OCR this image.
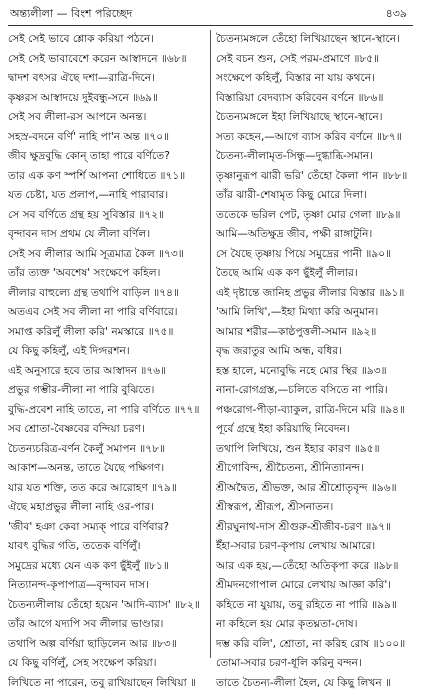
অন্ত্যলীলা — বিংশ পরিচ্ছেদ	৪৩৯
সেই সেই ভাবে শ্লোক করিয়া পঠনে।
সেই সেই ভাবাবেশে করেন আস্বাদনে ॥৬৮॥
দ্বাদশ বৎসর ঐছে দশা—রাত্রি-দিনে।
কৃষ্ণরস আস্বাদয়ে দুইবন্ধু-সনে ॥৬৯॥
সেই সব লীলা-রস আপনে অনন্ত।
সহস্র-বদনে বর্ণি' নাহি পা'ন অন্ত ॥৭০॥
জীব ক্ষুদ্রবুদ্ধি কোন্ তাহা পারে বর্ণিতে?
তার এক কণ স্পর্শি আপনা শোধিতে ॥৭১॥
যত চেষ্টা, যত প্রলাপ,—নাহি পারাবার।
সে সব বর্ণিতে গ্রন্থ হয় সুবিস্তার ॥৭২॥
বৃন্দাবন দাস প্রথম যে লীলা বর্ণিল।
সেই সব লীলার আমি সূত্রমাত্র কৈল ॥৭৩॥
তাঁর ত্যক্ত 'অবশেষ' সংক্ষেপে কহিল।
লীলার বাহুল্যে গ্রন্থ তথাপি বাড়িল ॥৭৪॥
অতএব সেই সব লীলা না পারি বর্ণিবারে।
সমাপ্ত করিলুঁ লীলা করি' নমস্কারে ॥৭৫॥
যে কিছু কহিলুঁ, এই দিগ্দরশন।
এই অনুসারে হবে তার আস্বাদন ॥৭৬॥
প্রভুর গম্ভীর-লীলা না পারি বুঝিতে।
বুদ্ধি-প্রবেশ নাহি তাতে, না পারি বর্ণিতে ॥৭৭॥
সব শ্রোতা-বৈষ্ণবের বন্দিয়া চরণ।
চৈতন্যচরিত্র-বর্ণন কৈলুঁ সমাপন ॥৭৮॥
আকাশ—অনন্ত, তাতে যৈছে পক্ষিগণ।
যার যত শক্তি, তত করে আরোহণ ॥৭৯॥
ঐছে মহাপ্রভুর লীলা নাহি ওর-পার।
'জীব' হঞা কেবা সম্যক্ পারে বর্ণিবার?
যাবৎ বুদ্ধির গতি, ততেক বর্ণিলুঁ।
সমুদ্রের মধ্যে যেন এক কণ ছুঁইলুঁ ॥৮১॥
নিত্যানন্দ-কৃপাপাত্র—বৃন্দাবন দাস।
চৈতন্যলীলায় তেঁহো হয়েন 'আদি-ব্যাস' ॥৮২॥
তাঁর আগে যদ্যপি সব লীলার ভাণ্ডার।
তথাপি অল্প বর্ণিয়া ছাড়িলেন আর ॥৮৩॥
যে কিছু বর্ণিলুঁ, সেহ সংক্ষেপ করিয়া।
লিখিতে না পারেন, তবু রাখিয়াছেন লিখিয়া ॥
চৈতন্যমঙ্গলে তেঁহো লিখিয়াছেন স্থানে-স্থানে।
সেই বচন শুন, সেই পরম-প্রমাণে ॥৮৫॥
সংক্ষেপে কহিলুঁ, বিস্তার না যায় কথনে।
বিস্তারিয়া বেদব্যাস করিবেন বর্ণনে ॥৮৬॥
চৈতন্যমঙ্গলে ইহা লিখিয়াছে স্থানে-স্থানে।
সত্য কহেন,—আগে ব্যাস করিব বর্ণনে ॥৮৭॥
চৈতন্য-লীলামৃত-সিন্ধু—দুগ্ধাব্ধি-সমান।
তৃষ্ণানুরূপ ঝারী ভরি' তেঁহো কৈলা পান ॥৮৮॥
তাঁর ঝারী-শেষামৃত কিছু মোরে দিলা।
ততেকে ভরিল পেট, তৃষ্ণা মোর গেলা ॥৮৯॥
আমি—অতিক্ষুদ্র জীব, পক্ষী রাঙ্গাটুনি।
সে যৈছে তৃষ্ণায় পিয়ে সমুদ্রের পানী ॥৯০॥
তৈছে আমি এক কণ ছুঁইলুঁ লীলার।
এই দৃষ্টান্তে জানিহ প্রভুর লীলার বিস্তার ॥৯১॥
'আমি লিখি',—ইহা মিথ্যা করি অনুমান।
আমার শরীর—কাষ্ঠপুত্তলী-সমান ॥৯২॥
বৃদ্ধ জরাতুর আমি অন্ধ, বধির।
হস্ত হালে, মনোবুদ্ধি নহে মোর স্থির ॥৯৩॥
নানা-রোগগ্রস্ত,—চলিতে বসিতে না পারি।
পঞ্চরোগ-পীড়া-ব্যাকুল, রাত্রি-দিনে মরি ॥৯৪॥
পূর্বে গ্রন্থে ইহা করিয়াছি নিবেদন।
তথাপি লিখিয়ে, শুন ইহার কারণ ॥৯৫॥
শ্রীগোবিন্দ, শ্রীচৈতন্য, শ্রীনিত্যানন্দ।
শ্রীঅদ্বৈত, শ্রীভক্ত, আর শ্রীশ্রোতৃবৃন্দ ॥৯৬॥
শ্রীস্বরূপ, শ্রীরূপ, শ্রীসনাতন।
শ্রীরঘুনাথ-দাস শ্রীগুরু-শ্রীজীব-চরণ ॥৯৭॥
ইঁহা-সবার চরণ-কৃপায় লেখায় আমারে।
আর এক হয়,—তেঁহো অতিকৃপা করে ॥৯৮॥
শ্রীমদনগোপাল মোরে লেখায় আজ্ঞা করি'।
কহিতে না যুয়ায়, তবু রহিতে না পারি ॥৯৯॥
না কহিলে হয় মোর কৃতঘ্নতা-দোষ।
দম্ভ করি বলি', শ্রোতা, না করিহ রোষ ॥১০০॥
তোমা-সবার চরণ-ধূলি করিনু বন্দন।
তাতে চৈতন্য-লীলা হৈল, যে কিছু লিখন ॥
